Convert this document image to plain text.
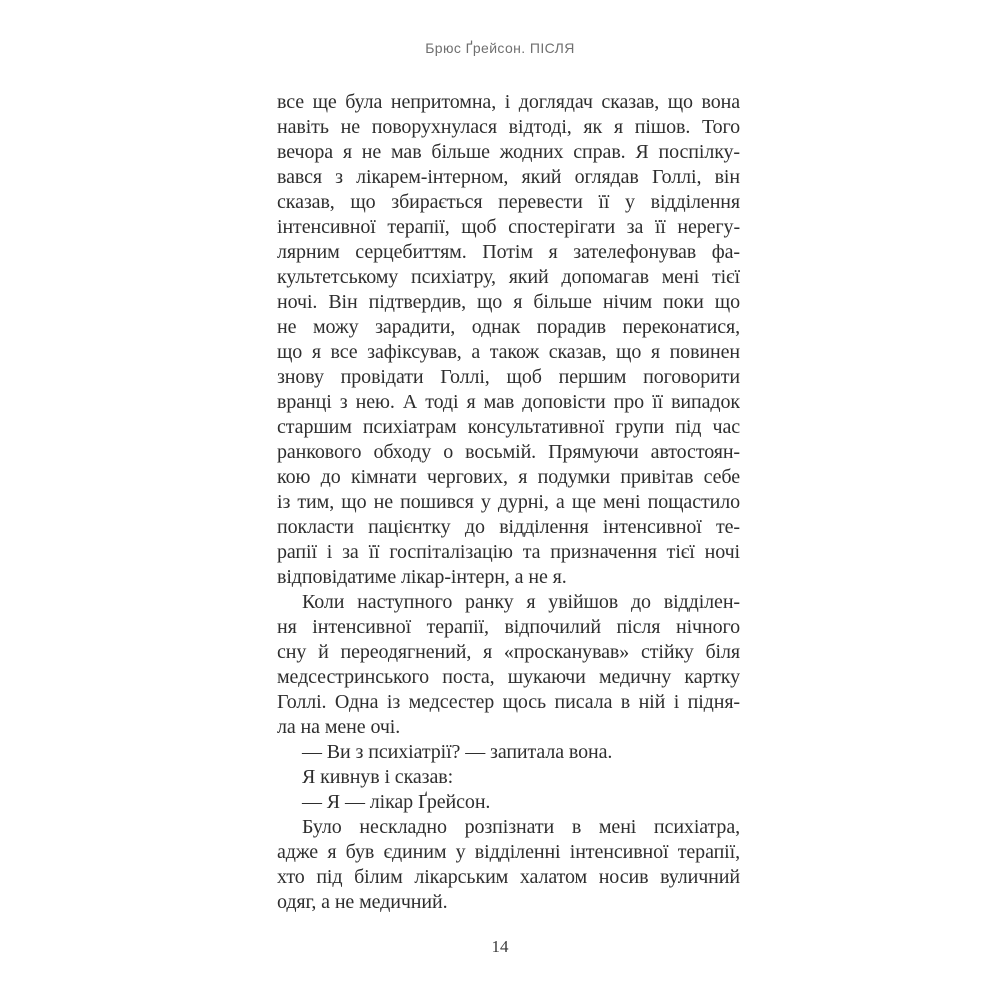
Брюс Ґрейсон. ПІСЛЯ
все ще була непритомна, і доглядач сказав, що вона
навіть не поворухнулася відтоді, як я пішов. Того
вечора я не мав більше жодних справ. Я поспілку-
вався з лікарем-інтерном, який оглядав Голлі, він
сказав, що збирається перевести її у відділення
інтенсивної терапії, щоб спостерігати за її нерегу-
лярним серцебиттям. Потім я зателефонував фа-
культетському психіатру, який допомагав мені тієї
ночі. Він підтвердив, що я більше нічим поки що
не можу зарадити, однак порадив переконатися,
що я все зафіксував, а також сказав, що я повинен
знову провідати Голлі, щоб першим поговорити
вранці з нею. А тоді я мав доповісти про її випадок
старшим психіатрам консультативної групи під час
ранкового обходу о восьмій. Прямуючи автостоян-
кою до кімнати чергових, я подумки привітав себе
із тим, що не пошився у дурні, а ще мені пощастило
покласти пацієнтку до відділення інтенсивної те-
рапії і за її госпіталізацію та призначення тієї ночі
відповідатиме лікар-інтерн, а не я.
Коли наступного ранку я увійшов до відділен-
ня інтенсивної терапії, відпочилий після нічного
сну й переодягнений, я «просканував» стійку біля
медсестринського поста, шукаючи медичну картку
Голлі. Одна із медсестер щось писала в ній і підня-
ла на мене очі.
— Ви з психіатрії? — запитала вона.
Я кивнув і сказав:
— Я — лікар Ґрейсон.
Було нескладно розпізнати в мені психіатра,
адже я був єдиним у відділенні інтенсивної терапії,
хто під білим лікарським халатом носив вуличний
одяг, а не медичний.
14
